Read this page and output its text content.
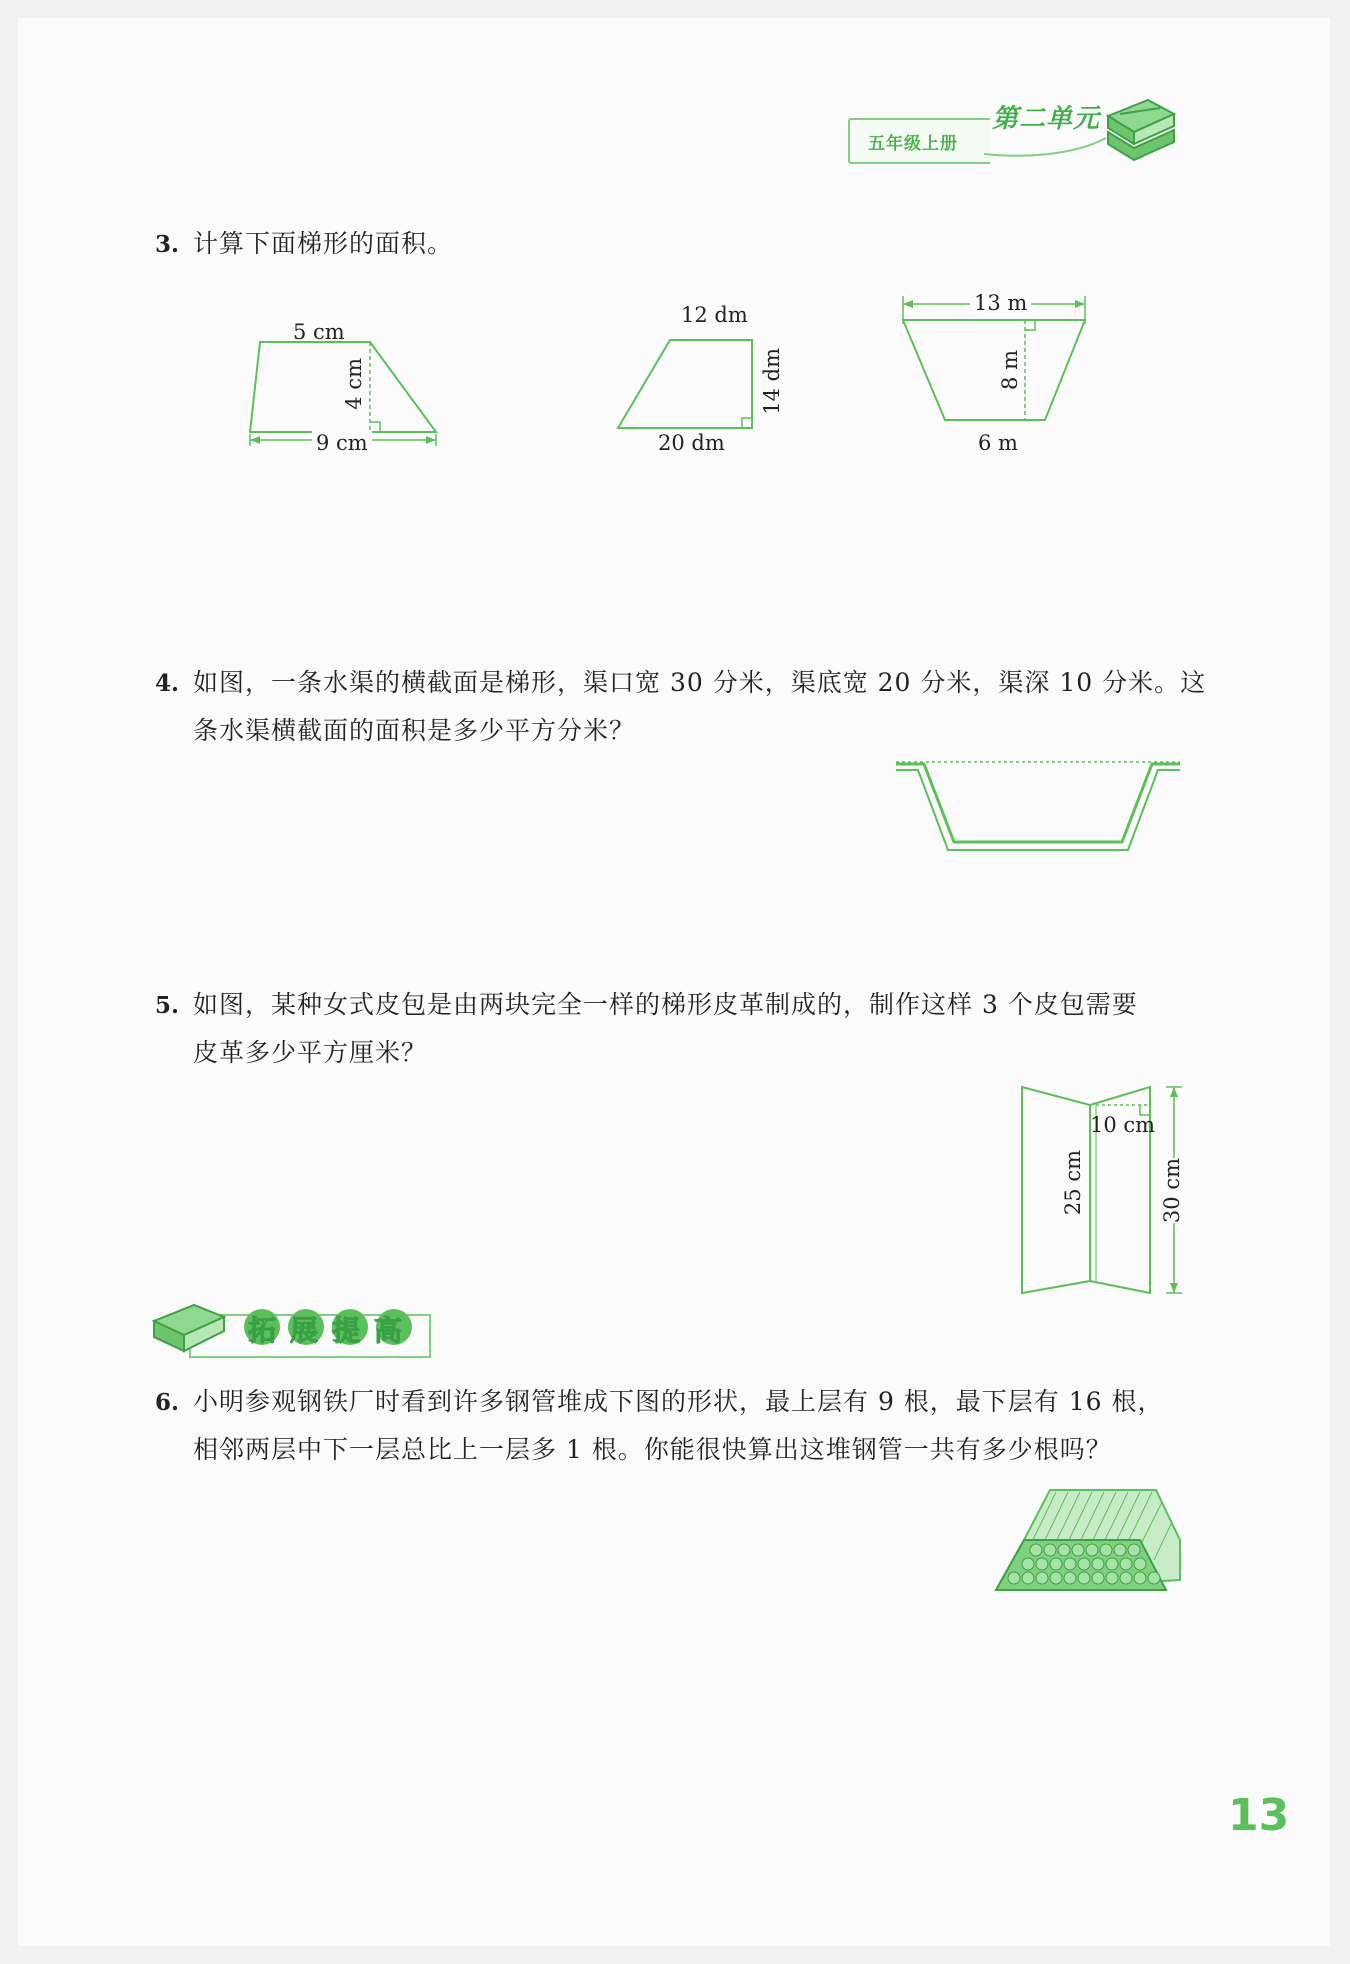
五年级上册
第二单元
3. 计算下面梯形的面积。
5 cm
4 cm
9 cm
12 dm
14 dm
20 dm
13 m
8 m
6 m
4. 如图，一条水渠的横截面是梯形，渠口宽 30 分米，渠底宽 20 分米，渠深 10 分米。这
条水渠横截面的面积是多少平方分米？
5. 如图，某种女式皮包是由两块完全一样的梯形皮革制成的，制作这样 3 个皮包需要
皮革多少平方厘米？
10 cm
25 cm	30 cm
拓展提高
6. 小明参观钢铁厂时看到许多钢管堆成下图的形状，最上层有 9 根，最下层有 16 根，
相邻两层中下一层总比上一层多 1 根。你能很快算出这堆钢管一共有多少根吗？
13
